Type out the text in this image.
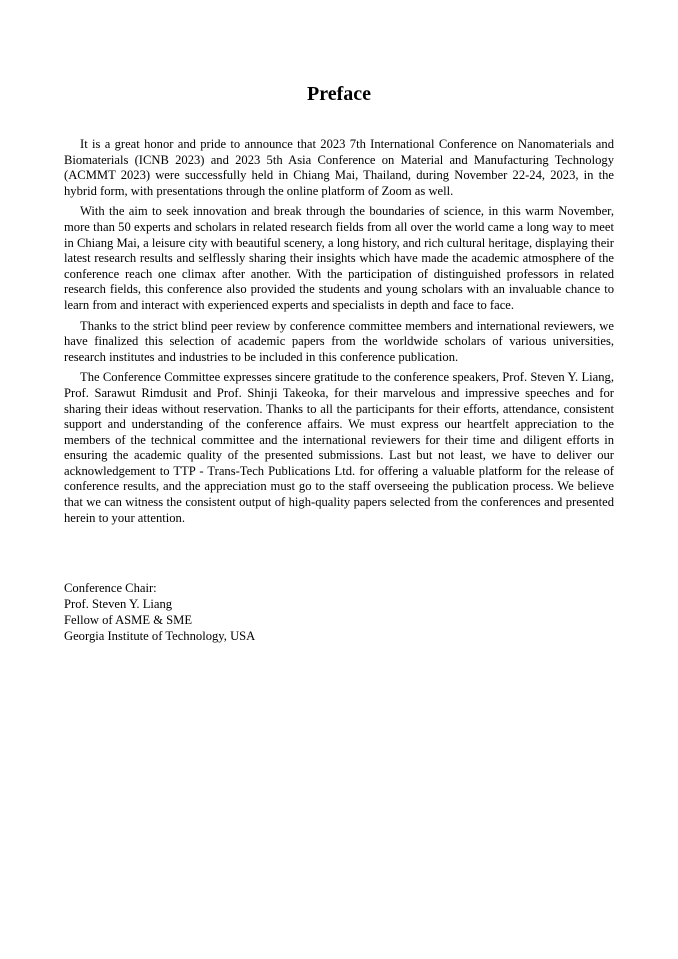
Preface

It is a great honor and pride to announce that 2023 7th International Conference on Nanomaterials and Biomaterials (ICNB 2023) and 2023 5th Asia Conference on Material and Manufacturing Technology (ACMMT 2023) were successfully held in Chiang Mai, Thailand, during November 22-24, 2023, in the hybrid form, with presentations through the online platform of Zoom as well.

With the aim to seek innovation and break through the boundaries of science, in this warm November, more than 50 experts and scholars in related research fields from all over the world came a long way to meet in Chiang Mai, a leisure city with beautiful scenery, a long history, and rich cultural heritage, displaying their latest research results and selflessly sharing their insights which have made the academic atmosphere of the conference reach one climax after another. With the participation of distinguished professors in related research fields, this conference also provided the students and young scholars with an invaluable chance to learn from and interact with experienced experts and specialists in depth and face to face.

Thanks to the strict blind peer review by conference committee members and international reviewers, we have finalized this selection of academic papers from the worldwide scholars of various universities, research institutes and industries to be included in this conference publication.

The Conference Committee expresses sincere gratitude to the conference speakers, Prof. Steven Y. Liang, Prof. Sarawut Rimdusit and Prof. Shinji Takeoka, for their marvelous and impressive speeches and for sharing their ideas without reservation. Thanks to all the participants for their efforts, attendance, consistent support and understanding of the conference affairs. We must express our heartfelt appreciation to the members of the technical committee and the international reviewers for their time and diligent efforts in ensuring the academic quality of the presented submissions. Last but not least, we have to deliver our acknowledgement to TTP - Trans-Tech Publications Ltd. for offering a valuable platform for the release of conference results, and the appreciation must go to the staff overseeing the publication process. We believe that we can witness the consistent output of high-quality papers selected from the conferences and presented herein to your attention.

Conference Chair:
Prof. Steven Y. Liang
Fellow of ASME & SME
Georgia Institute of Technology, USA
